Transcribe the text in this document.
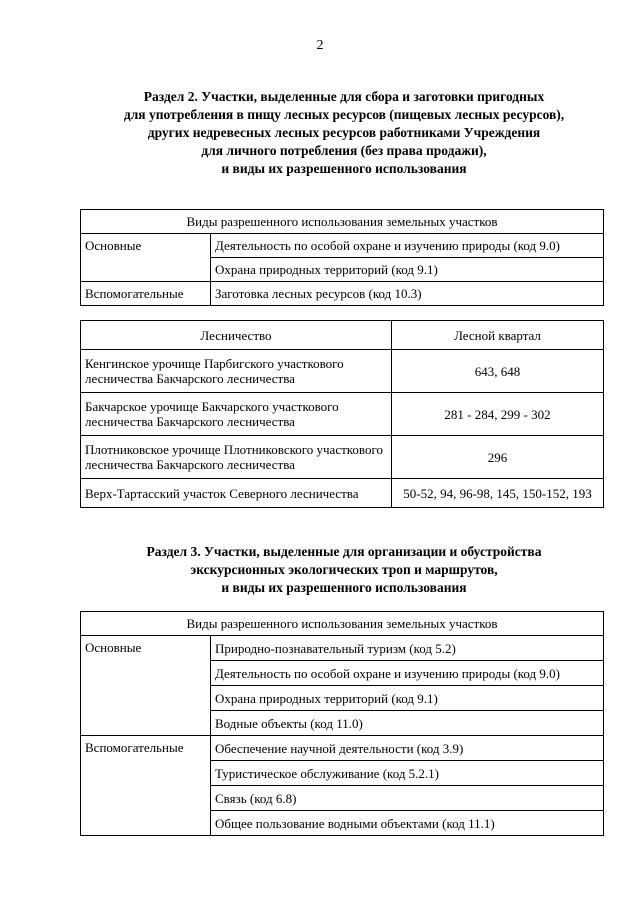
2
Раздел 2. Участки, выделенные для сбора и заготовки пригодных
для употребления в пищу лесных ресурсов (пищевых лесных ресурсов),
других недревесных лесных ресурсов работниками Учреждения
для личного потребления (без права продажи),
и виды их разрешенного использования
Виды разрешенного использования земельных участков	
Основные	Деятельность по особой охране и изучению природы (код 9.0)
	Охрана природных территорий (код 9.1)
Вспомогательные	Заготовка лесных ресурсов (код 10.3)
Лесничество	Лесной квартал
Кенгинское урочище Парбигского участкового лесничества Бакчарского лесничества	643, 648
Бакчарское урочище Бакчарского участкового лесничества Бакчарского лесничества	281 - 284, 299 - 302
Плотниковское урочище Плотниковского участкового лесничества Бакчарского лесничества	296
Верх-Тартасский участок Северного лесничества	50-52, 94, 96-98, 145, 150-152, 193
Раздел 3. Участки, выделенные для организации и обустройства
экскурсионных экологических троп и маршрутов,
и виды их разрешенного использования
Виды разрешенного использования земельных участков	
Основные	Природно-познавательный туризм (код 5.2)
	Деятельность по особой охране и изучению природы (код 9.0)
	Охрана природных территорий (код 9.1)
	Водные объекты (код 11.0)
Вспомогательные	Обеспечение научной деятельности (код 3.9)
	Туристическое обслуживание (код 5.2.1)
	Связь (код 6.8)
	Общее пользование водными объектами (код 11.1)
